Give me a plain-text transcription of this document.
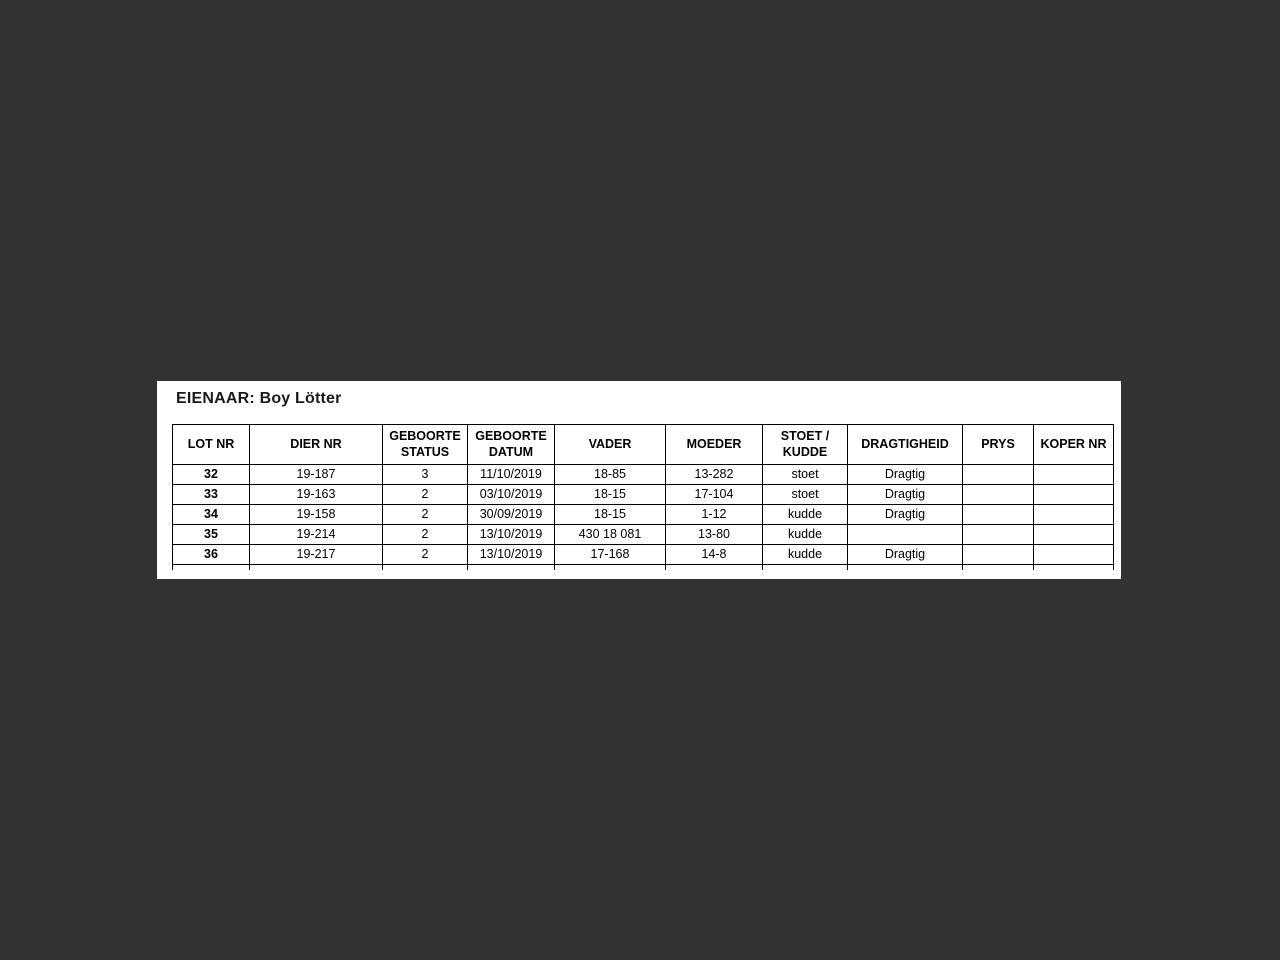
EIENAAR: Boy Lötter
LOT NR	DIER NR	GEBOORTE STATUS	GEBOORTE DATUM	VADER	MOEDER	STOET / KUDDE	DRAGTIGHEID	PRYS	KOPER NR
32	19-187	3	11/10/2019	18-85	13-282	stoet	Dragtig		
33	19-163	2	03/10/2019	18-15	17-104	stoet	Dragtig		
34	19-158	2	30/09/2019	18-15	1-12	kudde	Dragtig		
35	19-214	2	13/10/2019	430 18 081	13-80	kudde			
36	19-217	2	13/10/2019	17-168	14-8	kudde	Dragtig		
